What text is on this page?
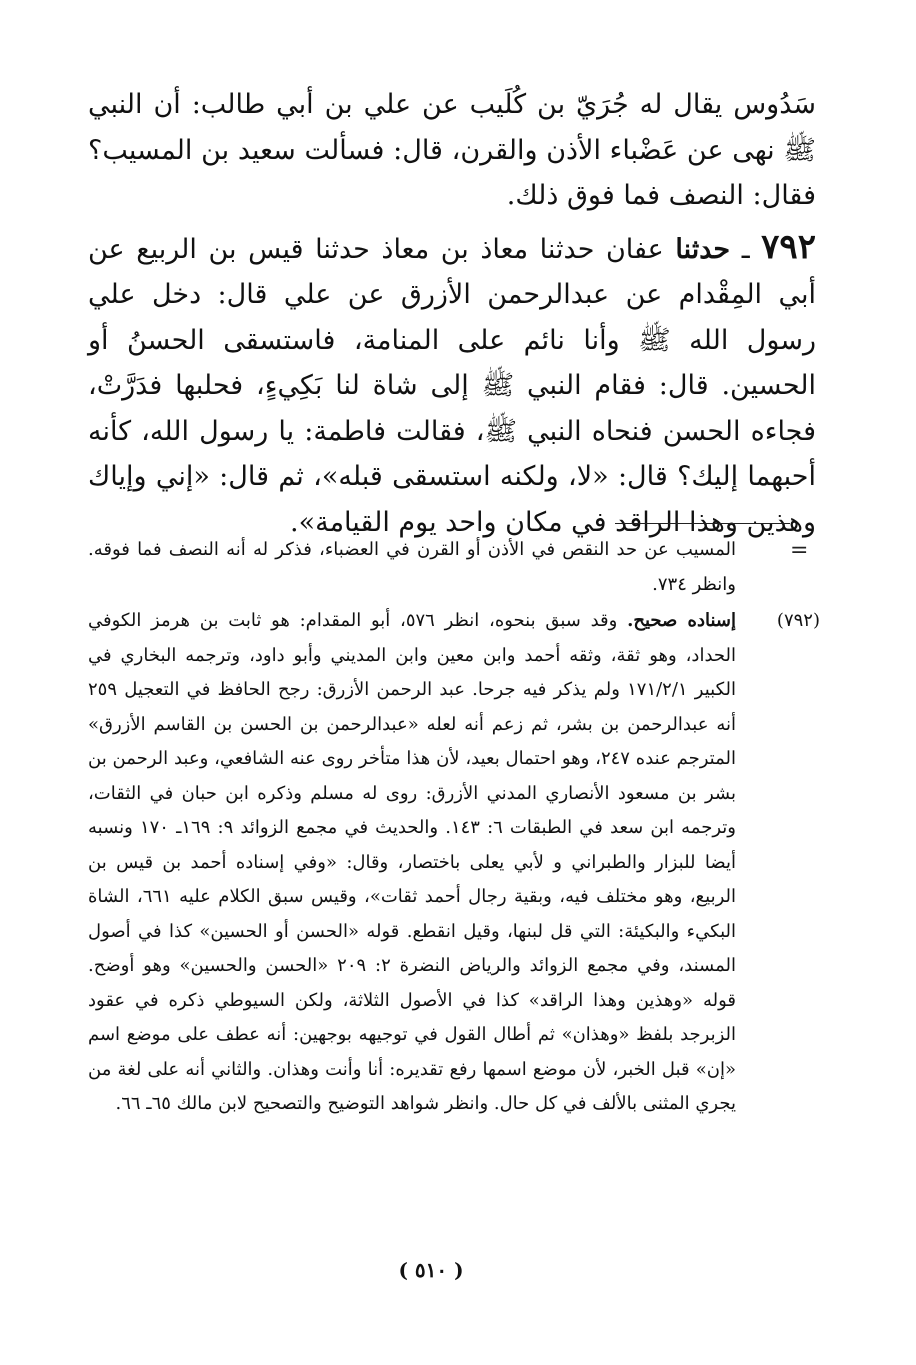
سَدُوس يقال له جُرَيّ بن كُلَيب عن علي بن أبي طالب: أن النبي ﷺ نهى عن عَضْباء الأذن والقرن، قال: فسألت سعيد بن المسيب؟ فقال: النصف فما فوق ذلك.

٧٩٢ ـ حدثنا عفان حدثنا معاذ بن معاذ حدثنا قيس بن الربيع عن أبي المِقْدام عن عبدالرحمن الأزرق عن علي قال: دخل علي رسول الله ﷺ وأنا نائم على المنامة، فاستسقى الحسنُ أو الحسين. قال: فقام النبي ﷺ إلى شاة لنا بَكِيءٍ، فحلبها فدَرَّتْ، فجاءه الحسن فنحاه النبي ﷺ، فقالت فاطمة: يا رسول الله، كأنه أحبهما إليك؟ قال: «لا، ولكنه استسقى قبله»، ثم قال: «إني وإياك وهذين وهذا الراقد في مكان واحد يوم القيامة».

=

المسيب عن حد النقص في الأذن أو القرن في العضباء، فذكر له أنه النصف فما فوقه. وانظر ٧٣٤.

(٧٩٢)
إسناده صحيح. وقد سبق بنحوه، انظر ٥٧٦، أبو المقدام: هو ثابت بن هرمز الكوفي الحداد، وهو ثقة، وثقه أحمد وابن معين وابن المديني وأبو داود، وترجمه البخاري في الكبير ١٧١/٢/١ ولم يذكر فيه جرحا. عبد الرحمن الأزرق: رجح الحافظ في التعجيل ٢٥٩ أنه عبدالرحمن بن بشر، ثم زعم أنه لعله «عبدالرحمن بن الحسن بن القاسم الأزرق» المترجم عنده ٢٤٧، وهو احتمال بعيد، لأن هذا متأخر روى عنه الشافعي، وعبد الرحمن بن بشر بن مسعود الأنصاري المدني الأزرق: روى له مسلم وذكره ابن حبان في الثقات، وترجمه ابن سعد في الطبقات ٦: ١٤٣. والحديث في مجمع الزوائد ٩: ١٦٩ـ ١٧٠ ونسبه أيضا للبزار والطبراني و لأبي يعلى باختصار، وقال: «وفي إسناده أحمد بن قيس بن الربيع، وهو مختلف فيه، وبقية رجال أحمد ثقات»، وقيس سبق الكلام عليه ٦٦١، الشاة البكيء والبكيئة: التي قل لبنها، وقيل انقطع. قوله «الحسن أو الحسين» كذا في أصول المسند، وفي مجمع الزوائد والرياض النضرة ٢: ٢٠٩ «الحسن والحسين» وهو أوضح. قوله «وهذين وهذا الراقد» كذا في الأصول الثلاثة، ولكن السيوطي ذكره في عقود الزبرجد بلفظ «وهذان» ثم أطال القول في توجيهه بوجهين: أنه عطف على موضع اسم «إن» قبل الخبر، لأن موضع اسمها رفع تقديره: أنا وأنت وهذان. والثاني أنه على لغة من يجري المثنى بالألف في كل حال. وانظر شواهد التوضيح والتصحيح لابن مالك ٦٥ـ ٦٦.

( ٥١٠ )
